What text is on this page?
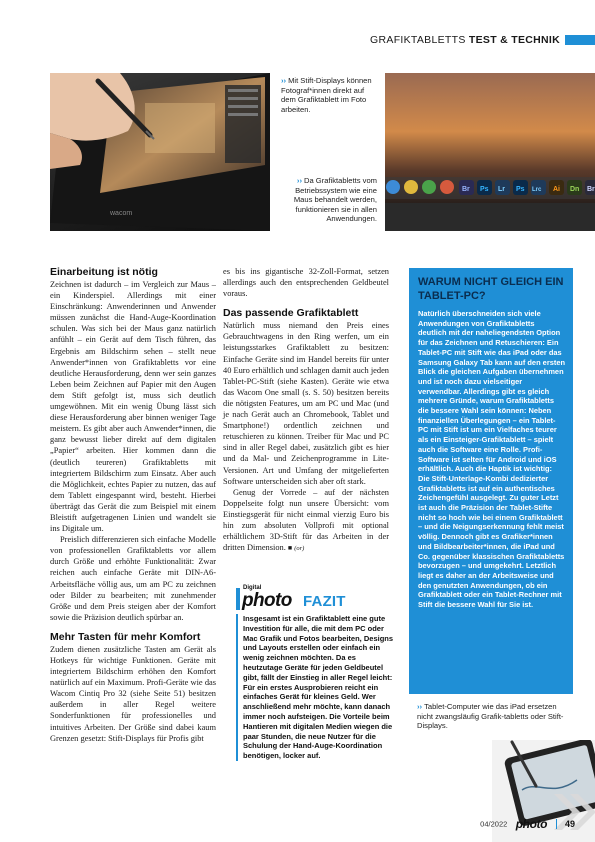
GRAFIKTABLETTS TEST & TECHNIK
wacom
Br Ps Lr Ps Lrc Ai Dn Br
›› Mit Stift-Displays können Fotograf*innen direkt auf dem Grafiktablett im Foto arbeiten.
›› Da Grafiktabletts vom Betriebssystem wie eine Maus behandelt werden, funktionieren sie in allen Anwendungen.
Einarbeitung ist nötig

Zeichnen ist dadurch – im Vergleich zur Maus – ein Kinderspiel. Allerdings mit einer Einschränkung: Anwenderinnen und Anwender müssen zunächst die Hand-Auge-Koordination schulen. Was sich bei der Maus ganz natürlich anfühlt – ein Gerät auf dem Tisch führen, das Ergebnis am Bildschirm sehen – stellt neue Anwender*innen von Grafiktabletts vor eine deutliche Herausforderung, denn wer sein ganzes Leben beim Zeichnen auf Papier mit den Augen dem Stift gefolgt ist, muss sich deutlich umgewöhnen. Mit ein wenig Übung lässt sich diese Herausforderung aber binnen weniger Tage meistern. Es gibt aber auch Anwender*innen, die ganz bewusst lieber direkt auf dem digitalen „Papier“ arbeiten. Hier kommen dann die (deutlich teureren) Grafiktabletts mit integriertem Bildschirm zum Einsatz. Aber auch die Möglichkeit, echtes Papier zu nutzen, das auf dem Tablett eingespannt wird, besteht. Hierbei überträgt das Gerät die zum Beispiel mit einem Bleistift aufgetragenen Linien und wandelt sie ins Digitale um.

Preislich differenzieren sich einfache Modelle von professionellen Grafiktabletts vor allem durch Größe und erhöhte Funktionalität: Zwar reichen auch einfache Geräte mit DIN-A6-Arbeitsfläche völlig aus, um am PC zu zeichnen oder Bilder zu bearbeiten; mit zunehmender Größe und dem Preis steigen aber der Komfort sowie die Präzision deutlich spürbar an.

Mehr Tasten für mehr Komfort

Zudem dienen zusätzliche Tasten am Gerät als Hotkeys für wichtige Funktionen. Geräte mit integriertem Bildschirm erhöhen den Komfort natürlich auf ein Maximum. Profi-Geräte wie das Wacom Cintiq Pro 32 (siehe Seite 51) besitzen außerdem in aller Regel weitere Sonderfunktionen für professionelles und intuitives Arbeiten. Der Größe sind dabei kaum Grenzen gesetzt: Stift-Displays für Profis gibt

es bis ins gigantische 32-Zoll-Format, setzen allerdings auch den entsprechenden Geldbeutel voraus.

Das passende Grafiktablett

Natürlich muss niemand den Preis eines Gebrauchtwagens in den Ring werfen, um ein leistungsstarkes Grafiktablett zu besitzen: Einfache Geräte sind im Handel bereits für unter 40 Euro erhältlich und schlagen damit auch jeden Tablet-PC-Stift (siehe Kasten). Geräte wie etwa das Wacom One small (s. S. 50) besitzen bereits die nötigsten Features, um am PC und Mac (und je nach Gerät auch an Chromebook, Tablet und Smartphone!) ordentlich zeichnen und retuschieren zu können. Treiber für Mac und PC sind in aller Regel dabei, zusätzlich gibt es hier und da Mal- und Zeichenprogramme in Lite-Versionen. Art und Umfang der mitgelieferten Software unterscheiden sich aber oft stark.

Genug der Vorrede – auf der nächsten Doppelseite folgt nun unsere Übersicht: vom Einstiegsgerät für nicht einmal vierzig Euro bis hin zum absoluten Vollprofi mit optional erhältlichem 3D-Stift für das Arbeiten in der dritten Dimension. ■ (or)

WARUM NICHT GLEICH EIN TABLET-PC?
Natürlich überschneiden sich viele Anwendungen von Grafiktabletts deutlich mit der naheliegendsten Option für das Zeichnen und Retuschieren: Ein Tablet-PC mit Stift wie das iPad oder das Samsung Galaxy Tab kann auf den ersten Blick die gleichen Aufgaben übernehmen und ist noch dazu vielseitiger verwendbar. Allerdings gibt es gleich mehrere Gründe, warum Grafiktabletts die bessere Wahl sein können: Neben finanziellen Überlegungen – ein Tablet-PC mit Stift ist um ein Vielfaches teurer als ein Einsteiger-Grafiktablett – spielt auch die Software eine Rolle. Profi-Software ist selten für Android und iOS erhältlich. Auch die Haptik ist wichtig: Die Stift-Unterlage-Kombi dedizierter Grafiktabletts ist auf ein authentisches Zeichengefühl ausgelegt. Zu guter Letzt ist auch die Präzision der Tablet-Stifte nicht so hoch wie bei einem Grafiktablett – und die Neigungserkennung fehlt meist völlig. Dennoch gibt es Grafiker*innen und Bildbearbeiter*innen, die iPad und Co. gegenüber klassischen Grafiktabletts bevorzugen – und umgekehrt. Letztlich liegt es daher an der Arbeitsweise und den genutzten Anwendungen, ob ein Grafiktablett oder ein Tablet-Rechner mit Stift die bessere Wahl für Sie ist.
›› Tablet-Computer wie das iPad ersetzen nicht zwangsläufig Grafik-tabletts oder Stift-Displays.
Digital
photo FAZIT
Insgesamt ist ein Grafiktablett eine gute Investition für alle, die mit dem PC oder Mac Grafik und Fotos bearbeiten, Designs und Layouts erstellen oder einfach ein wenig zeichnen möchten. Da es heutzutage Geräte für jeden Geldbeutel gibt, fällt der Einstieg in aller Regel leicht: Für ein erstes Ausprobieren reicht ein einfaches Gerät für kleines Geld. Wer anschließend mehr möchte, kann danach immer noch aufsteigen. Die Vorteile beim Hantieren mit digitalen Medien wiegen die paar Stunden, die neue Nutzer für die Schulung der Hand-Auge-Koordination benötigen, locker auf.
04/2022 photo 49
